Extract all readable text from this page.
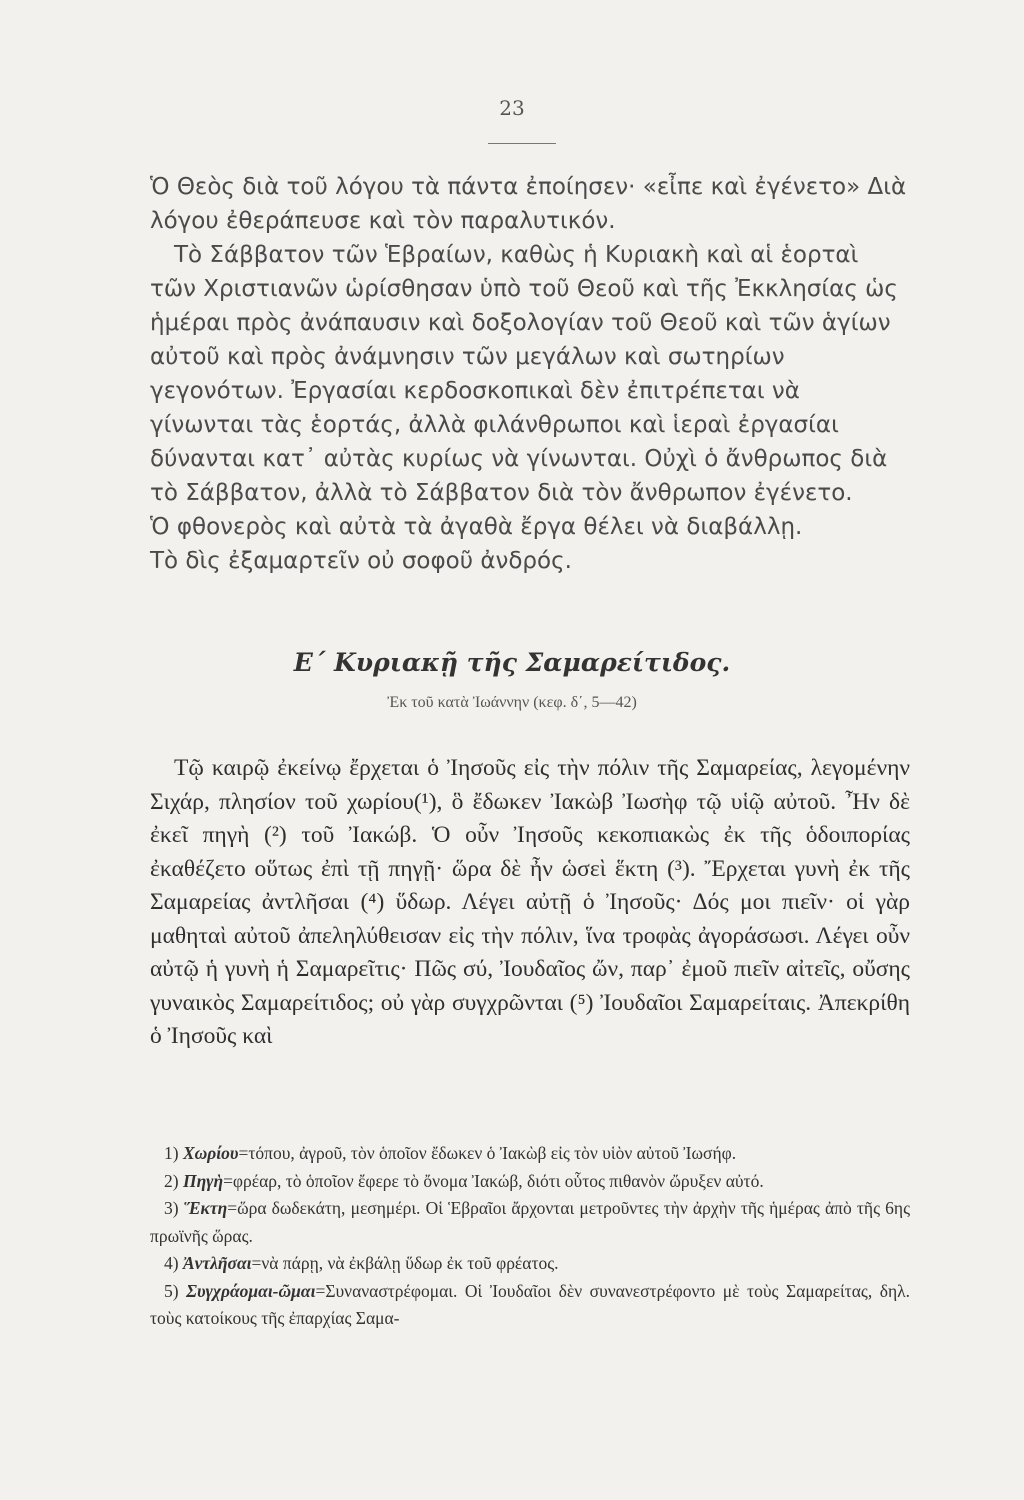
23

Ὁ Θεὸς διὰ τοῦ λόγου τὰ πάντα ἐποίησεν· «εἶπε καὶ ἐγένετο» Διὰ λόγου ἐθεράπευσε καὶ τὸν παραλυτικόν.

Τὸ Σάββατον τῶν Ἑβραίων, καθὼς ἡ Κυριακὴ καὶ αἱ ἑορταὶ τῶν Χριστιανῶν ὡρίσθησαν ὑπὸ τοῦ Θεοῦ καὶ τῆς Ἐκκλησίας ὡς ἡμέραι πρὸς ἀνάπαυσιν καὶ δοξολογίαν τοῦ Θεοῦ καὶ τῶν ἁγίων αὐτοῦ καὶ πρὸς ἀνάμνησιν τῶν μεγάλων καὶ σωτηρίων γεγονότων. Ἐργασίαι κερδοσκοπικαὶ δὲν ἐπιτρέπεται νὰ γίνωνται τὰς ἑορτάς, ἀλλὰ φιλάνθρωποι καὶ ἱεραὶ ἐργασίαι δύνανται κατ᾽ αὐτὰς κυρίως νὰ γίνωνται. Οὐχὶ ὁ ἄνθρωπος διὰ τὸ Σάββατον, ἀλλὰ τὸ Σάββατον διὰ τὸν ἄνθρωπον ἐγένετο.

Ὁ φθονερὸς καὶ αὐτὰ τὰ ἀγαθὰ ἔργα θέλει νὰ διαβάλλῃ.

Τὸ δὶς ἐξαμαρτεῖν οὐ σοφοῦ ἀνδρός.

Ε΄ Κυριακῇ τῆς Σαμαρείτιδος.
Ἐκ τοῦ κατὰ Ἰωάννην (κεφ. δ΄, 5—42)

Τῷ καιρῷ ἐκείνῳ ἔρχεται ὁ Ἰησοῦς εἰς τὴν πόλιν τῆς Σαμαρείας, λεγομένην Σιχάρ, πλησίον τοῦ χωρίου(¹), ὃ ἔδωκεν Ἰακὼβ Ἰωσὴφ τῷ υἱῷ αὐτοῦ. Ἦν δὲ ἐκεῖ πηγὴ (²) τοῦ Ἰακώβ. Ὁ οὖν Ἰησοῦς κεκοπιακὼς ἐκ τῆς ὁδοιπορίας ἐκαθέζετο οὕτως ἐπὶ τῇ πηγῇ· ὥρα δὲ ἦν ὡσεὶ ἕκτη (³). Ἔρχεται γυνὴ ἐκ τῆς Σαμαρείας ἀντλῆσαι (⁴) ὕδωρ. Λέγει αὐτῇ ὁ Ἰησοῦς· Δός μοι πιεῖν· οἱ γὰρ μαθηταὶ αὐτοῦ ἀπεληλύθεισαν εἰς τὴν πόλιν, ἵνα τροφὰς ἀγοράσωσι. Λέγει οὖν αὐτῷ ἡ γυνὴ ἡ Σαμαρεῖτις· Πῶς σύ, Ἰουδαῖος ὤν, παρ᾽ ἐμοῦ πιεῖν αἰτεῖς, οὔσης γυναικὸς Σαμαρείτιδος; οὐ γὰρ συγχρῶνται (⁵) Ἰουδαῖοι Σαμαρείταις. Ἀπεκρίθη ὁ Ἰησοῦς καὶ

1) Χωρίου=τόπου, ἀγροῦ, τὸν ὁποῖον ἔδωκεν ὁ Ἰακὼβ εἰς τὸν υἱὸν αὐτοῦ Ἰωσήφ.

2) Πηγὴ=φρέαρ, τὸ ὁποῖον ἔφερε τὸ ὄνομα Ἰακώβ, διότι οὗτος πιθανὸν ὤρυξεν αὐτό.

3) Ἕκτη=ὥρα δωδεκάτη, μεσημέρι. Οἱ Ἑβραῖοι ἄρχονται μετροῦντες τὴν ἀρχὴν τῆς ἡμέρας ἀπὸ τῆς 6ης πρωϊνῆς ὥρας.

4) Ἀντλῆσαι=νὰ πάρῃ, νὰ ἐκβάλῃ ὕδωρ ἐκ τοῦ φρέατος.

5) Συγχράομαι-ῶμαι=Συναναστρέφομαι. Οἱ Ἰουδαῖοι δὲν συνανεστρέφοντο μὲ τοὺς Σαμαρείτας, δηλ. τοὺς κατοίκους τῆς ἐπαρχίας Σαμα-
